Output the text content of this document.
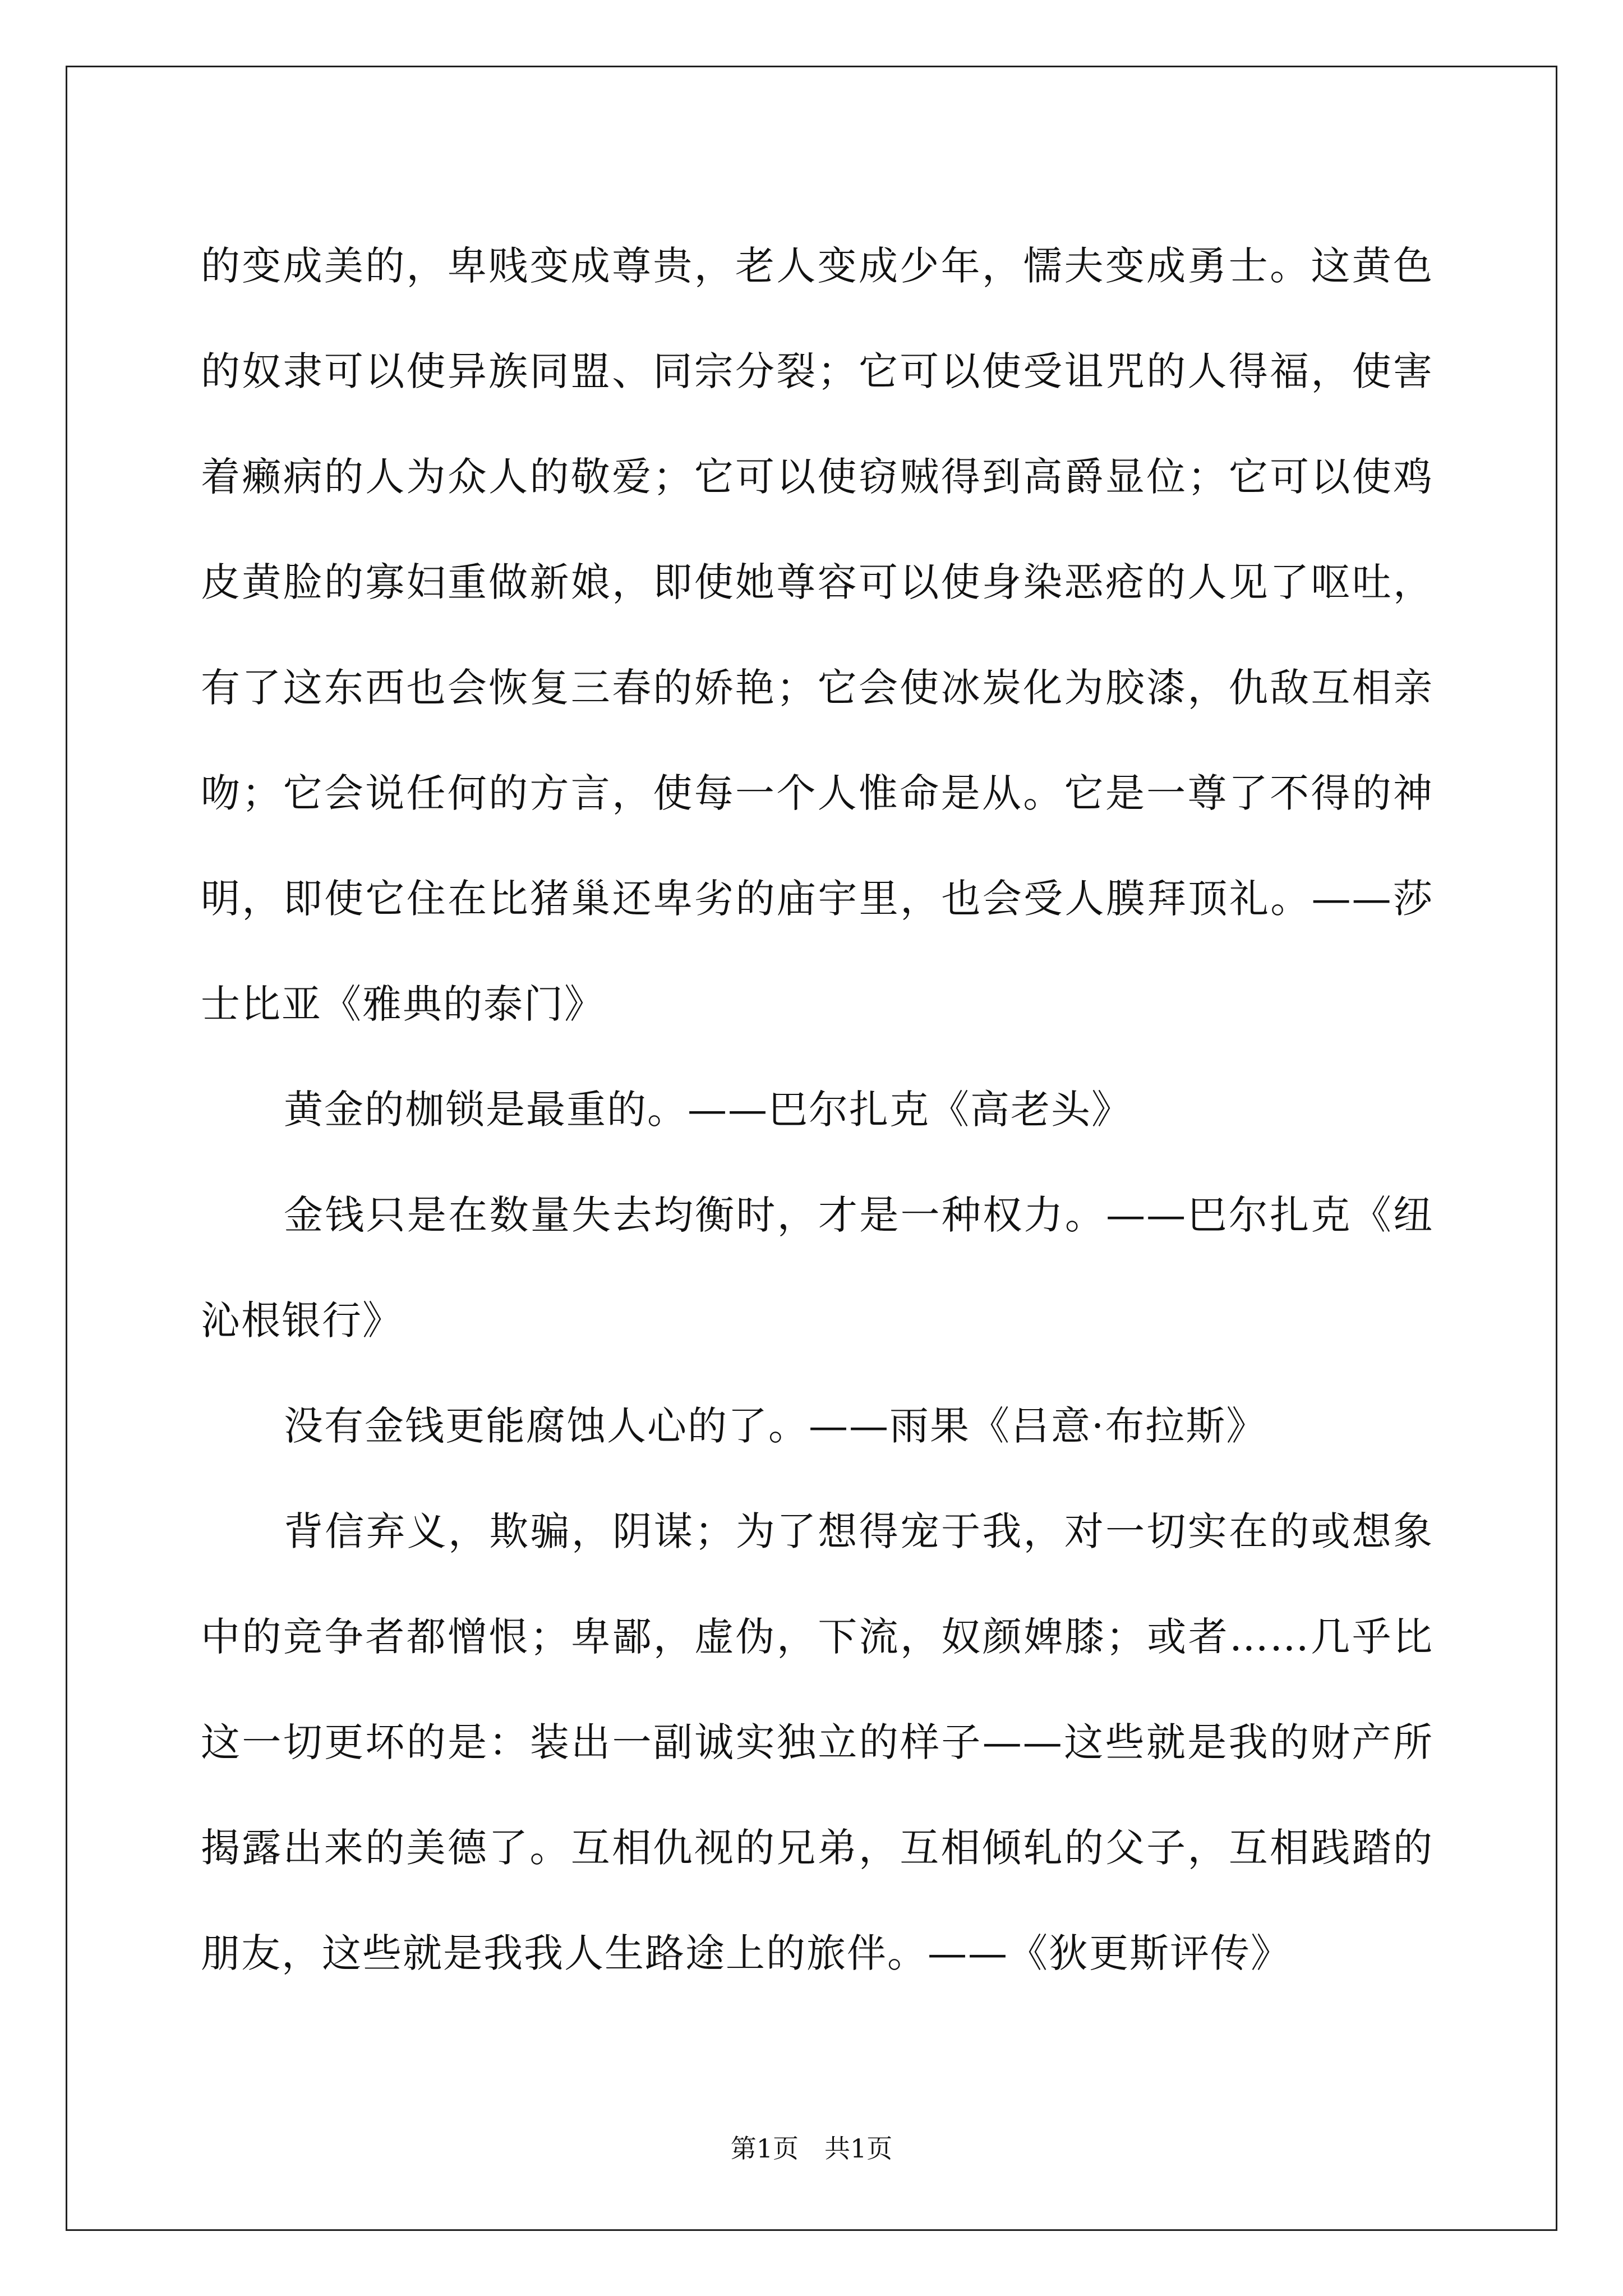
的变成美的，卑贱变成尊贵，老人变成少年，懦夫变成勇士。这黄色的奴隶可以使异族同盟、同宗分裂；它可以使受诅咒的人得福，使害着癞病的人为众人的敬爱；它可以使窃贼得到高爵显位；它可以使鸡皮黄脸的寡妇重做新娘，即使她尊容可以使身染恶疮的人见了呕吐，有了这东西也会恢复三春的娇艳；它会使冰炭化为胶漆，仇敌互相亲吻；它会说任何的方言，使每一个人惟命是从。它是一尊了不得的神明，即使它住在比猪巢还卑劣的庙宇里，也会受人膜拜顶礼。——莎士比亚《雅典的泰门》

黄金的枷锁是最重的。——巴尔扎克《高老头》

金钱只是在数量失去均衡时，才是一种权力。——巴尔扎克《纽沁根银行》

没有金钱更能腐蚀人心的了。——雨果《吕意·布拉斯》

背信弃义，欺骗，阴谋；为了想得宠于我，对一切实在的或想象中的竞争者都憎恨；卑鄙，虚伪，下流，奴颜婢膝；或者……几乎比这一切更坏的是：装出一副诚实独立的样子——这些就是我的财产所揭露出来的美德了。互相仇视的兄弟，互相倾轧的父子，互相践踏的朋友，这些就是我我人生路途上的旅伴。——《狄更斯评传》

第1页 共1页
